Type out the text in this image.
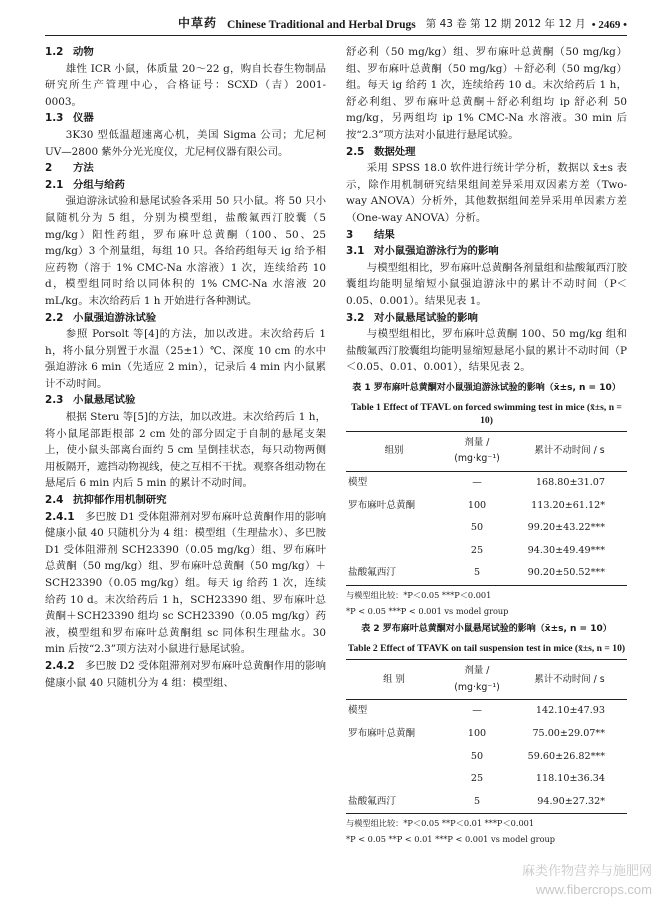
中草药 Chinese Traditional and Herbal Drugs 第 43 卷 第 12 期 2012 年 12 月 • 2469 •
1.2 动物
雄性 ICR 小鼠，体质量 20～22 g，购自长春生物制品研究所生产管理中心，合格证号：SCXD（吉）2001-0003。
1.3 仪器
3K30 型低温超速离心机，美国 Sigma 公司；尤尼柯 UV—2800 紫外分光光度仪，尤尼柯仪器有限公司。
2 方法
2.1 分组与给药
强迫游泳试验和悬尾试验各采用 50 只小鼠。将 50 只小鼠随机分为 5 组，分别为模型组，盐酸氟西汀胶囊（5 mg/kg）阳性药组，罗布麻叶总黄酮（100、50、25 mg/kg）3 个剂量组，每组 10 只。各给药组每天 ig 给予相应药物（溶于 1% CMC-Na 水溶液）1 次，连续给药 10 d，模型组同时给以同体积的 1% CMC-Na 水溶液 20 mL/kg。末次给药后 1 h 开始进行各种测试。
2.2 小鼠强迫游泳试验
参照 Porsolt 等[4]的方法，加以改进。末次给药后 1 h，将小鼠分别置于水温（25±1）℃、深度 10 cm 的水中强迫游泳 6 min（先适应 2 min），记录后 4 min 内小鼠累计不动时间。
2.3 小鼠悬尾试验
根据 Steru 等[5]的方法，加以改进。末次给药后 1 h，将小鼠尾部距根部 2 cm 处的部分固定于自制的悬尾支架上，使小鼠头部离台面约 5 cm 呈倒挂状态，每只动物两侧用板隔开，遮挡动物视线，使之互相不干扰。观察各组动物在悬尾后 6 min 内后 5 min 的累计不动时间。
2.4 抗抑郁作用机制研究
2.4.1　 多巴胺 D1 受体阻滞剂对罗布麻叶总黄酮作用的影响　健康小鼠 40 只随机分为 4 组：模型组（生理盐水）、多巴胺 D1 受体阻滞剂 SCH23390（0.05 mg/kg）组、罗布麻叶总黄酮（50 mg/kg）组、罗布麻叶总黄酮（50 mg/kg）＋SCH23390（0.05 mg/kg）组。每天 ig 给药 1 次，连续给药 10 d。末次给药后 1 h，SCH23390 组、罗布麻叶总黄酮＋SCH23390 组均 sc SCH23390（0.05 mg/kg）药液，模型组和罗布麻叶总黄酮组 sc 同体积生理盐水。30 min 后按“2.3”项方法对小鼠进行悬尾试验。
2.4.2　 多巴胺 D2 受体阻滞剂对罗布麻叶总黄酮作用的影响　健康小鼠 40 只随机分为 4 组：模型组、
舒必利（50 mg/kg）组、罗布麻叶总黄酮（50 mg/kg）组、罗布麻叶总黄酮（50 mg/kg）＋舒必利（50 mg/kg）组。每天 ig 给药 1 次，连续给药 10 d。末次给药后 1 h，舒必利组、罗布麻叶总黄酮＋舒必利组均 ip 舒必利 50 mg/kg，另两组均 ip 1% CMC-Na 水溶液。30 min 后按“2.3”项方法对小鼠进行悬尾试验。
2.5 数据处理
采用 SPSS 18.0 软件进行统计学分析，数据以 x̄±s 表示，除作用机制研究结果组间差异采用双因素方差（Two-way ANOVA）分析外，其他数据组间差异采用单因素方差（One-way ANOVA）分析。
3 结果
3.1 对小鼠强迫游泳行为的影响
与模型组相比，罗布麻叶总黄酮各剂量组和盐酸氟西汀胶囊组均能明显缩短小鼠强迫游泳中的累计不动时间（P＜0.05、0.001）。结果见表 1。
3.2 对小鼠悬尾试验的影响
与模型组相比，罗布麻叶总黄酮 100、50 mg/kg 组和盐酸氟西汀胶囊组均能明显缩短悬尾小鼠的累计不动时间（P＜0.05、0.01、0.001），结果见表 2。
表 1 罗布麻叶总黄酮对小鼠强迫游泳试验的影响（x̄±s, n = 10）
Table 1 Effect of TFAVL on forced swimming test in mice (x̄±s, n = 10)
组别	剂量 / (mg·kg⁻¹)	累计不动时间 / s
模型	—	168.80±31.07
罗布麻叶总黄酮	100	113.20±61.12*
	50	99.20±43.22***
	25	94.30±49.49***
盐酸氟西汀	5	90.20±50.52***
与模型组比较：*P＜0.05 ***P＜0.001
*P < 0.05 ***P < 0.001 vs model group
表 2 罗布麻叶总黄酮对小鼠悬尾试验的影响（x̄±s, n = 10）
Table 2 Effect of TFAVK on tail suspension test in mice (x̄±s, n = 10)
组 别	剂量 / (mg·kg⁻¹)	累计不动时间 / s
模型	—	142.10±47.93
罗布麻叶总黄酮	100	75.00±29.07**
	50	59.60±26.82***
	25	118.10±36.34
盐酸氟西汀	5	94.90±27.32*
与模型组比较：*P＜0.05 **P＜0.01 ***P＜0.001
*P < 0.05 **P < 0.01 ***P < 0.001 vs model group
麻类作物营养与施肥网
www.fibercrops.com
